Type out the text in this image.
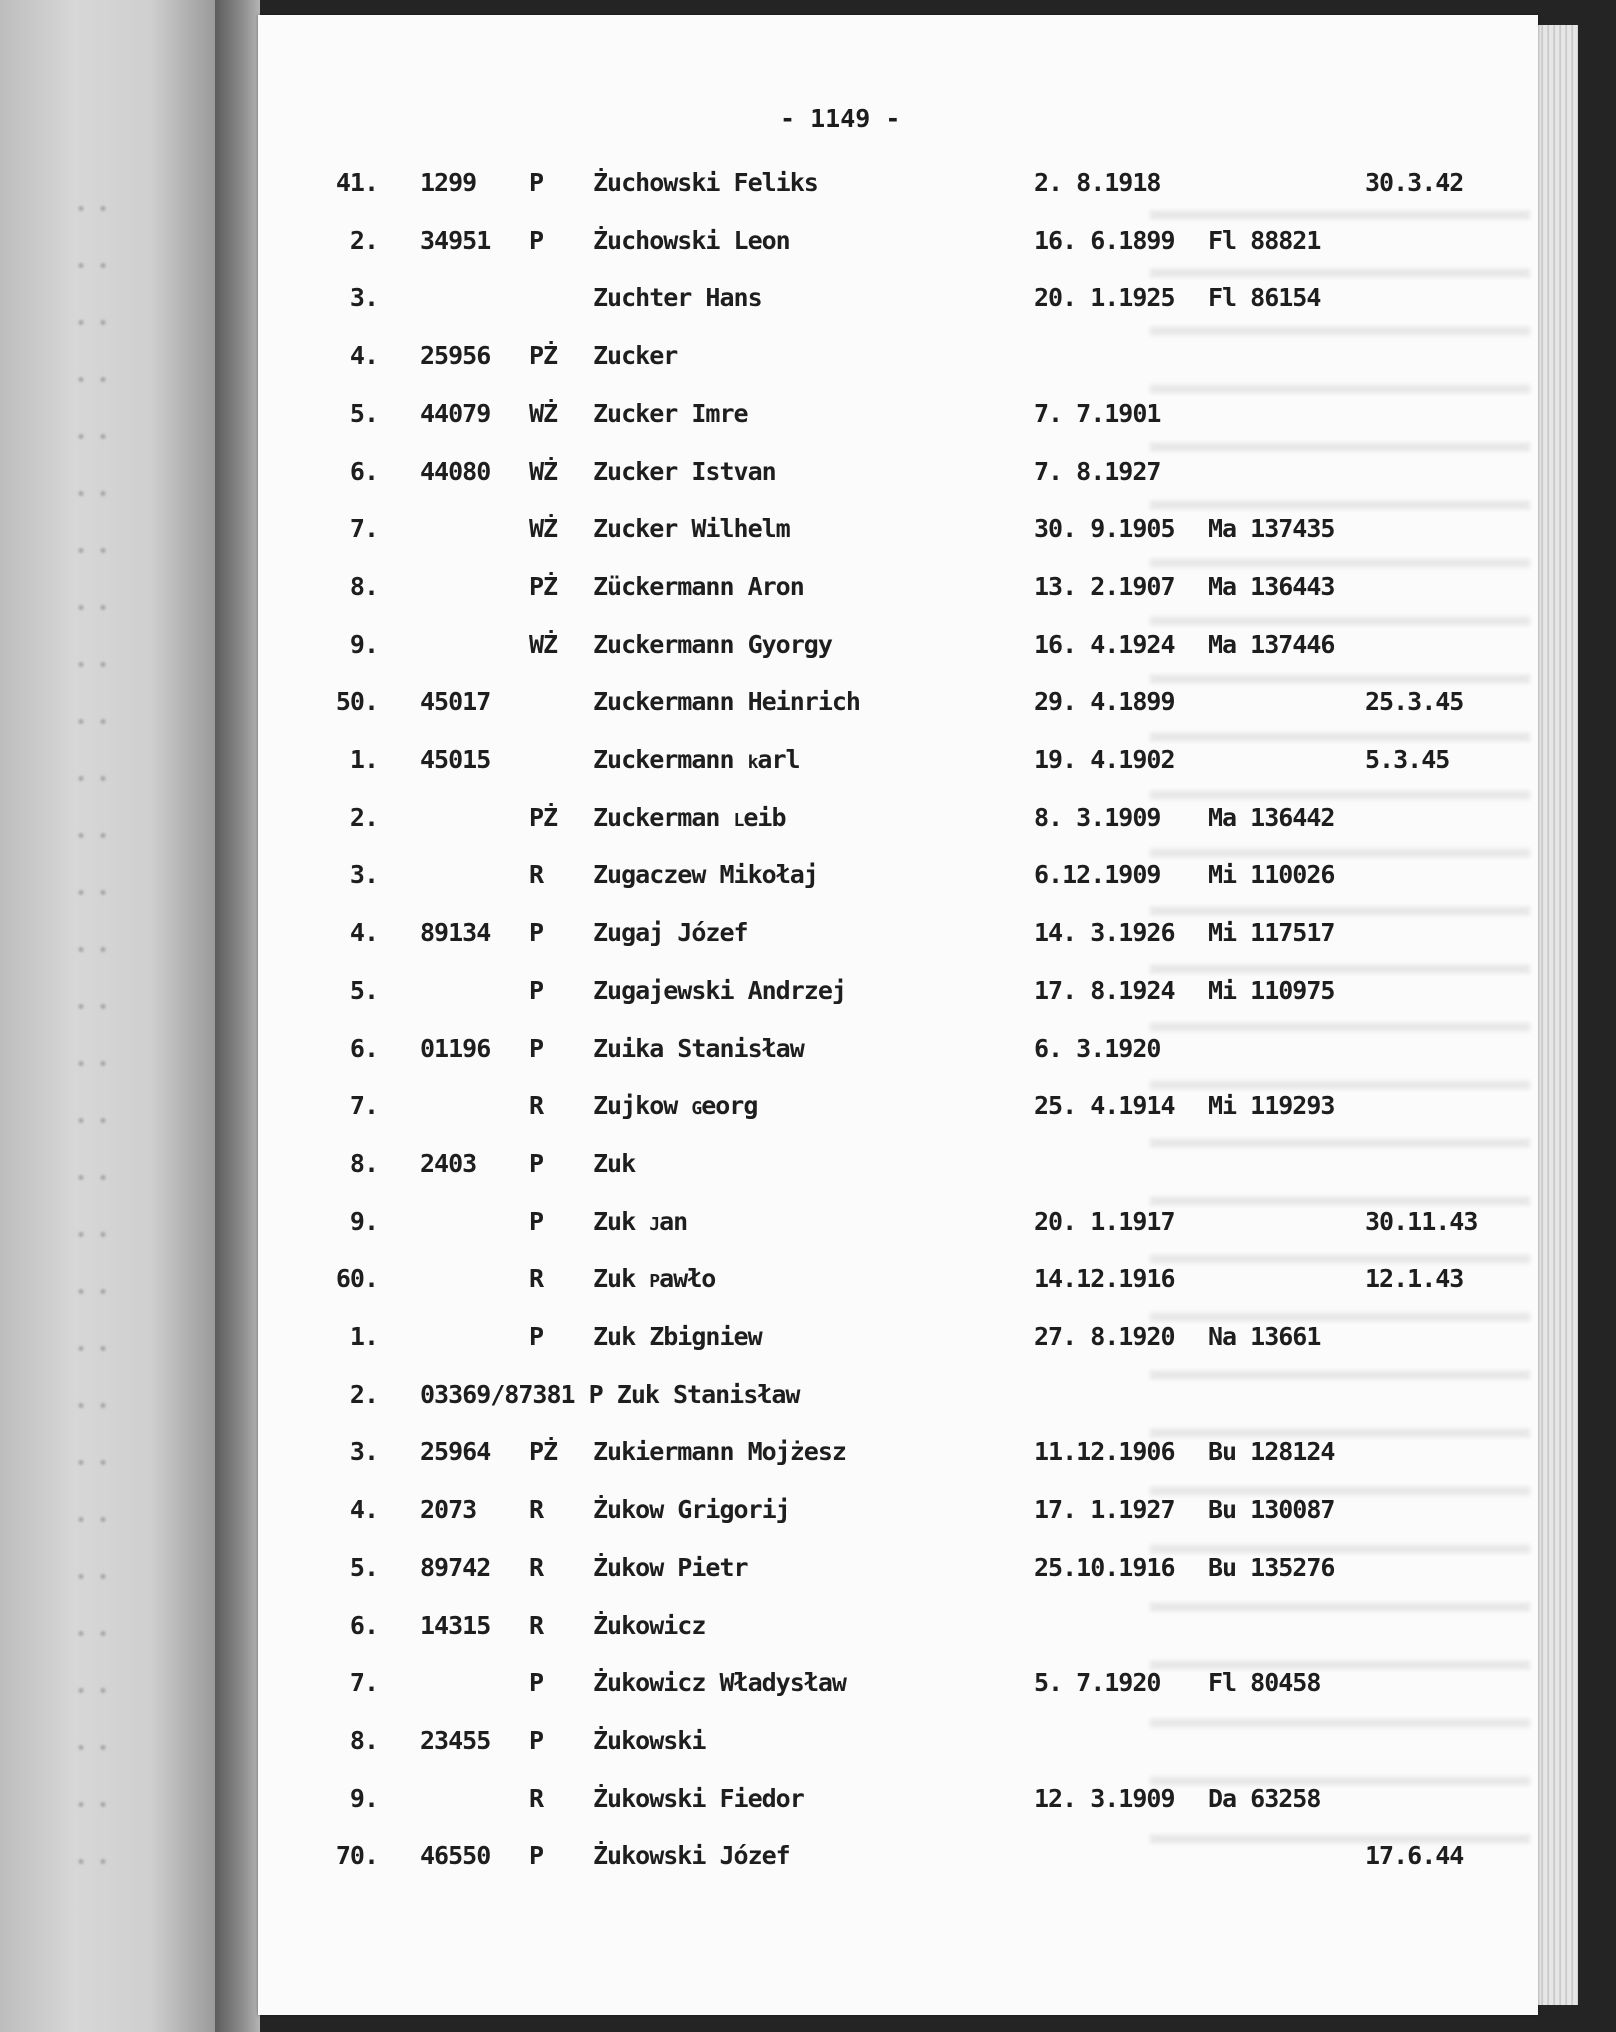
- 1149 -
41. 1299 P Żuchowski Feliks	2. 8.1918	30.3.42
2. 34951 P Żuchowski Leon	16. 6.1899 Fl 88821
3.	Zuchter Hans	20. 1.1925 Fl 86154
4. 25956 PŻ Zucker
5. 44079 WŻ Zucker Imre	7. 7.1901
6. 44080 WŻ Zucker Istvan	7. 8.1927
7.	WŻ Zucker Wilhelm	30. 9.1905 Ma 137435
8.	PŻ Zückermann Aron	13. 2.1907 Ma 136443
9.	WŻ Zuckermann Gyorgy	16. 4.1924 Ma 137446
50. 45017	Zuckermann Heinrich	29. 4.1899	25.3.45
1. 45015	Zuckermann karl	19. 4.1902	5.3.45
2.	PŻ Zuckerman Leib	8. 3.1909 Ma 136442
3.	R Zugaczew Mikołaj	6.12.1909 Mi 110026
4. 89134 P Zugaj Józef	14. 3.1926 Mi 117517
5.	P Zugajewski Andrzej	17. 8.1924 Mi 110975
6. 01196 P Zuika Stanisław	6. 3.1920
7.	R Zujkow Georg	25. 4.1914 Mi 119293
8. 2403 P Zuk
9.	P Zuk Jan	20. 1.1917	30.11.43
60.	R Zuk Pawło	14.12.1916	12.1.43
1.	P Zuk Zbigniew	27. 8.1920 Na 13661
2. 03369/87381 P Zuk Stanisław
3. 25964 PŻ Zukiermann Mojżesz	11.12.1906 Bu 128124
4. 2073 R Żukow Grigorij	17. 1.1927 Bu 130087
5. 89742 R Żukow Pietr	25.10.1916 Bu 135276
6. 14315 R Żukowicz
7.	P Żukowicz Władysław	5. 7.1920 Fl 80458
8. 23455 P Żukowski
9.	R Żukowski Fiedor	12. 3.1909 Da 63258
70. 46550 P Żukowski Józef	17.6.44
